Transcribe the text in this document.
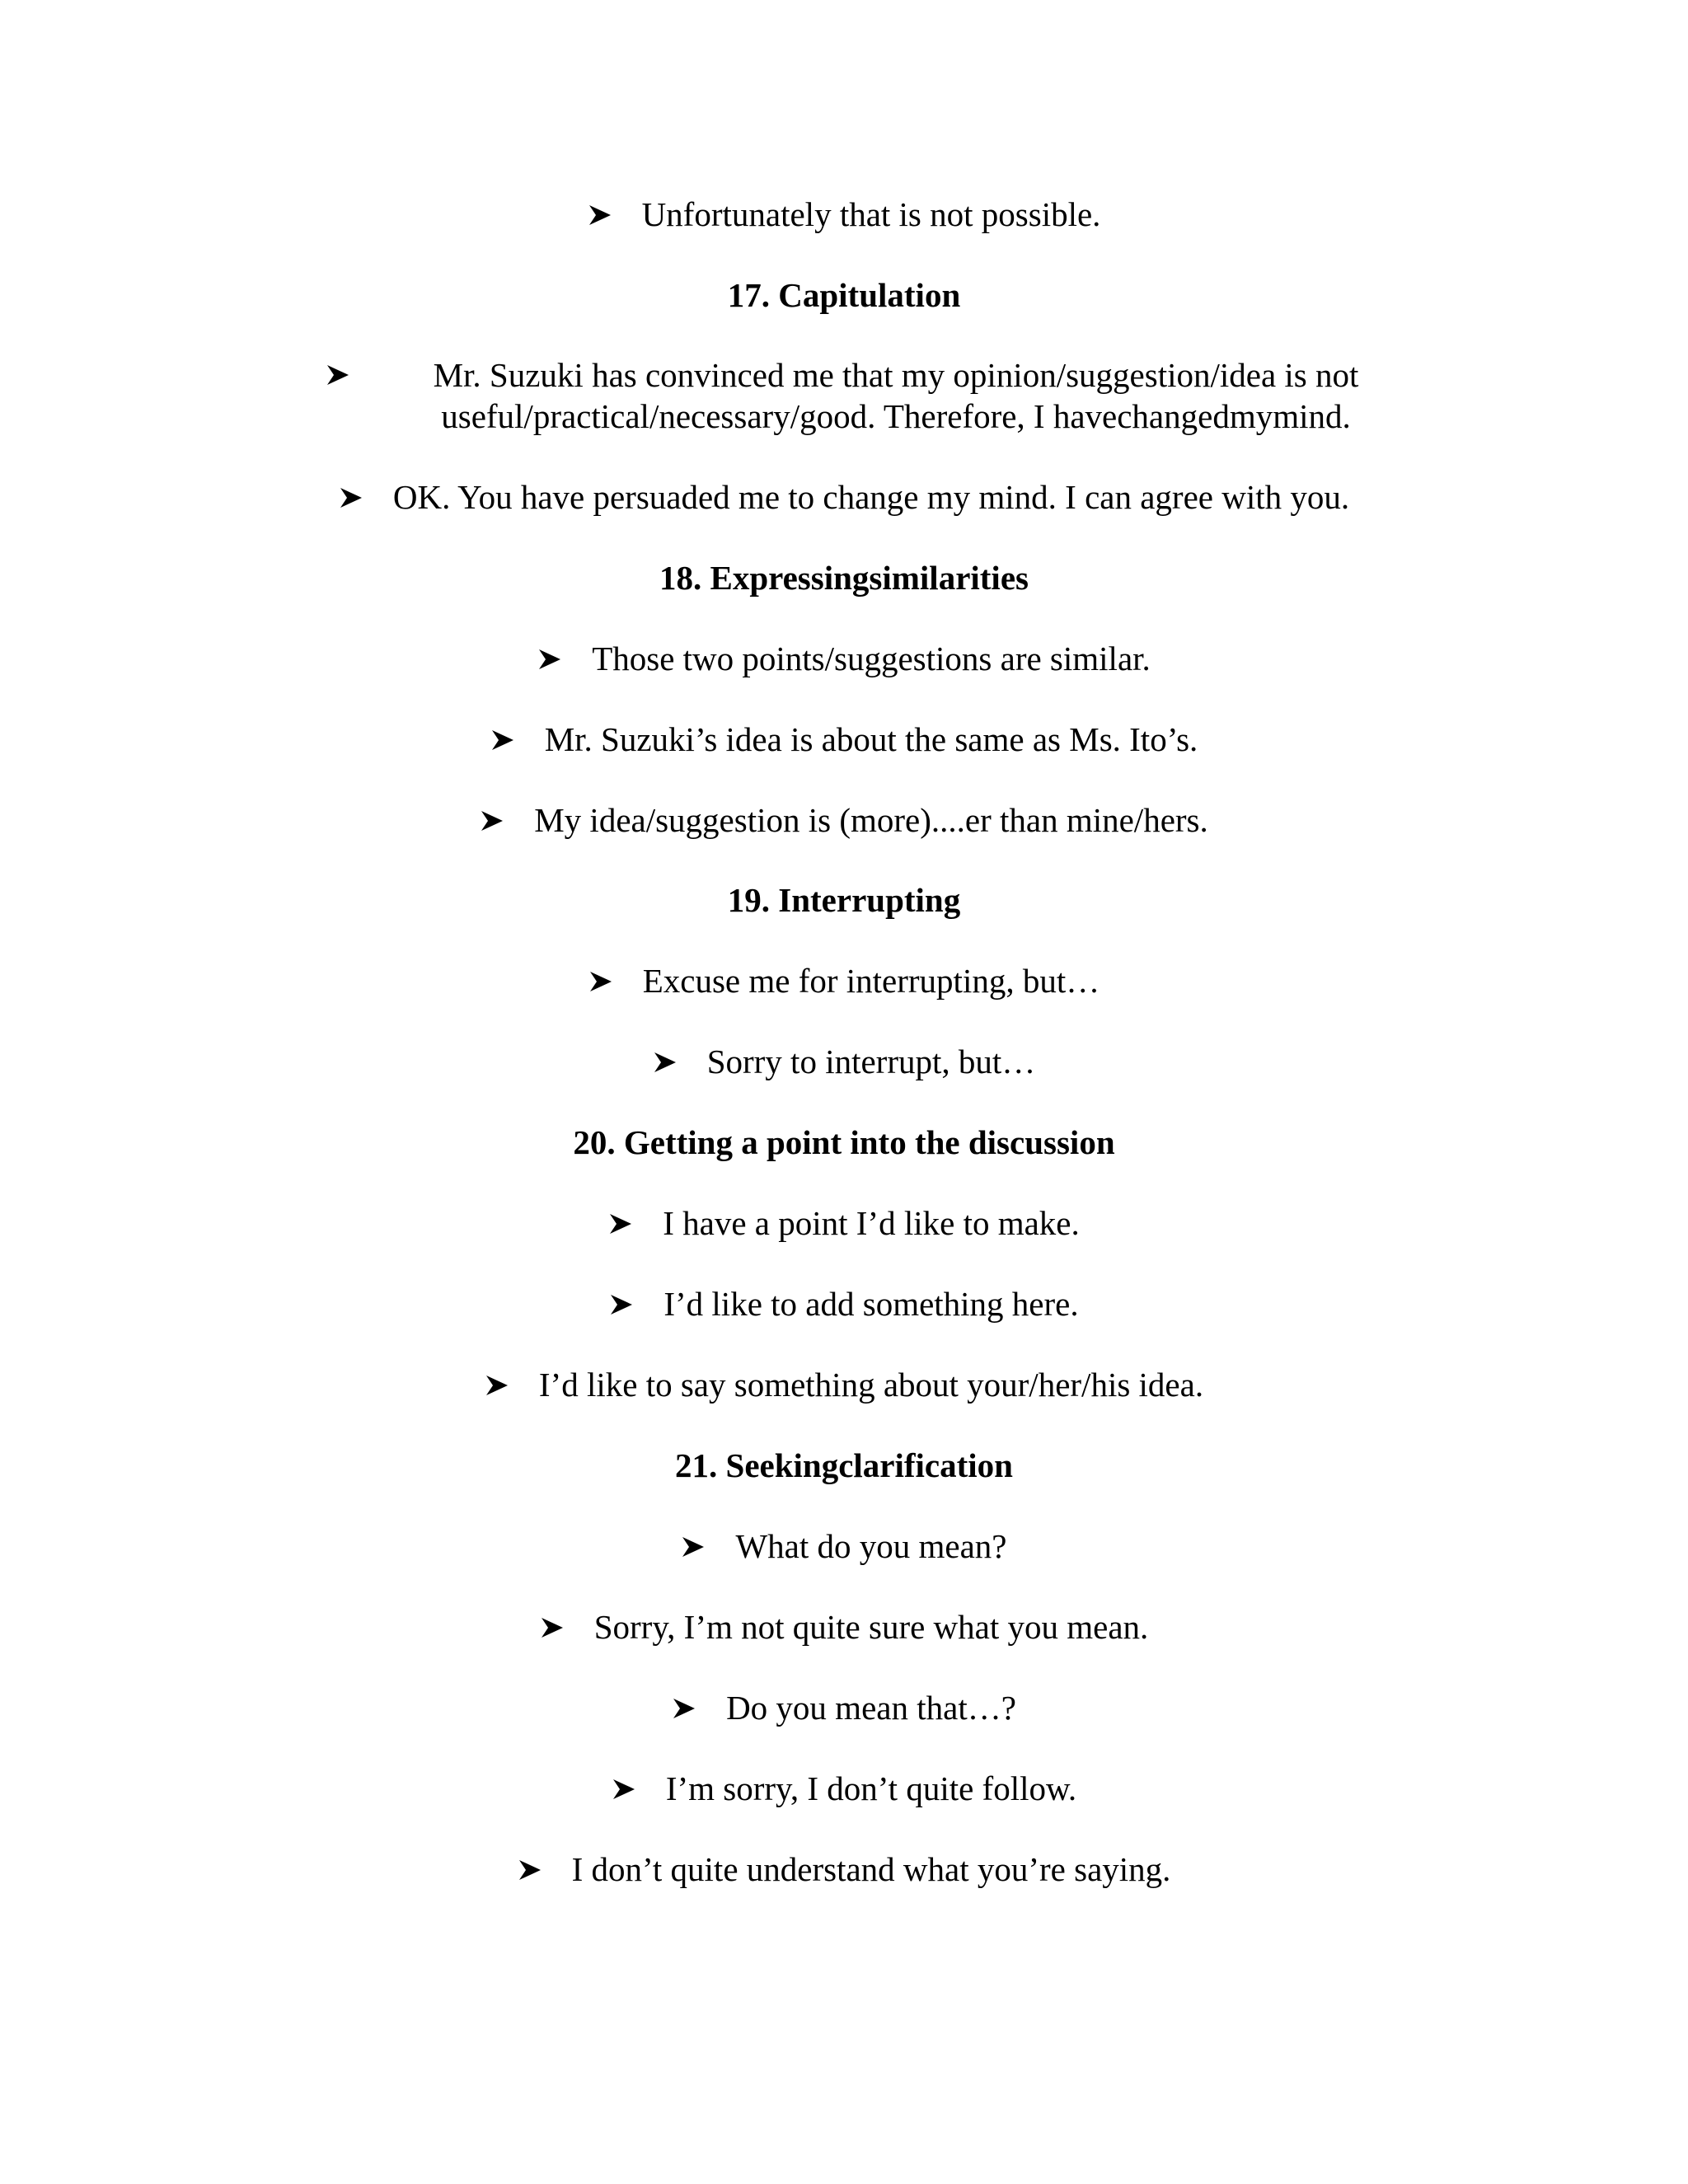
Unfortunately that is not possible.
17. Capitulation
Mr. Suzuki has convinced me that my opinion/suggestion/idea is not
useful/practical/necessary/good. Therefore, I havechangedmymind.
OK. You have persuaded me to change my mind. I can agree with you.
18. Expressingsimilarities
Those two points/suggestions are similar.
Mr. Suzuki’s idea is about the same as Ms. Ito’s.
My idea/suggestion is (more)....er than mine/hers.
19. Interrupting
Excuse me for interrupting, but…
Sorry to interrupt, but…
20. Getting a point into the discussion
I have a point I’d like to make.
I’d like to add something here.
I’d like to say something about your/her/his idea.
21. Seekingclarification
What do you mean?
Sorry, I’m not quite sure what you mean.
Do you mean that…?
I’m sorry, I don’t quite follow.
I don’t quite understand what you’re saying.
